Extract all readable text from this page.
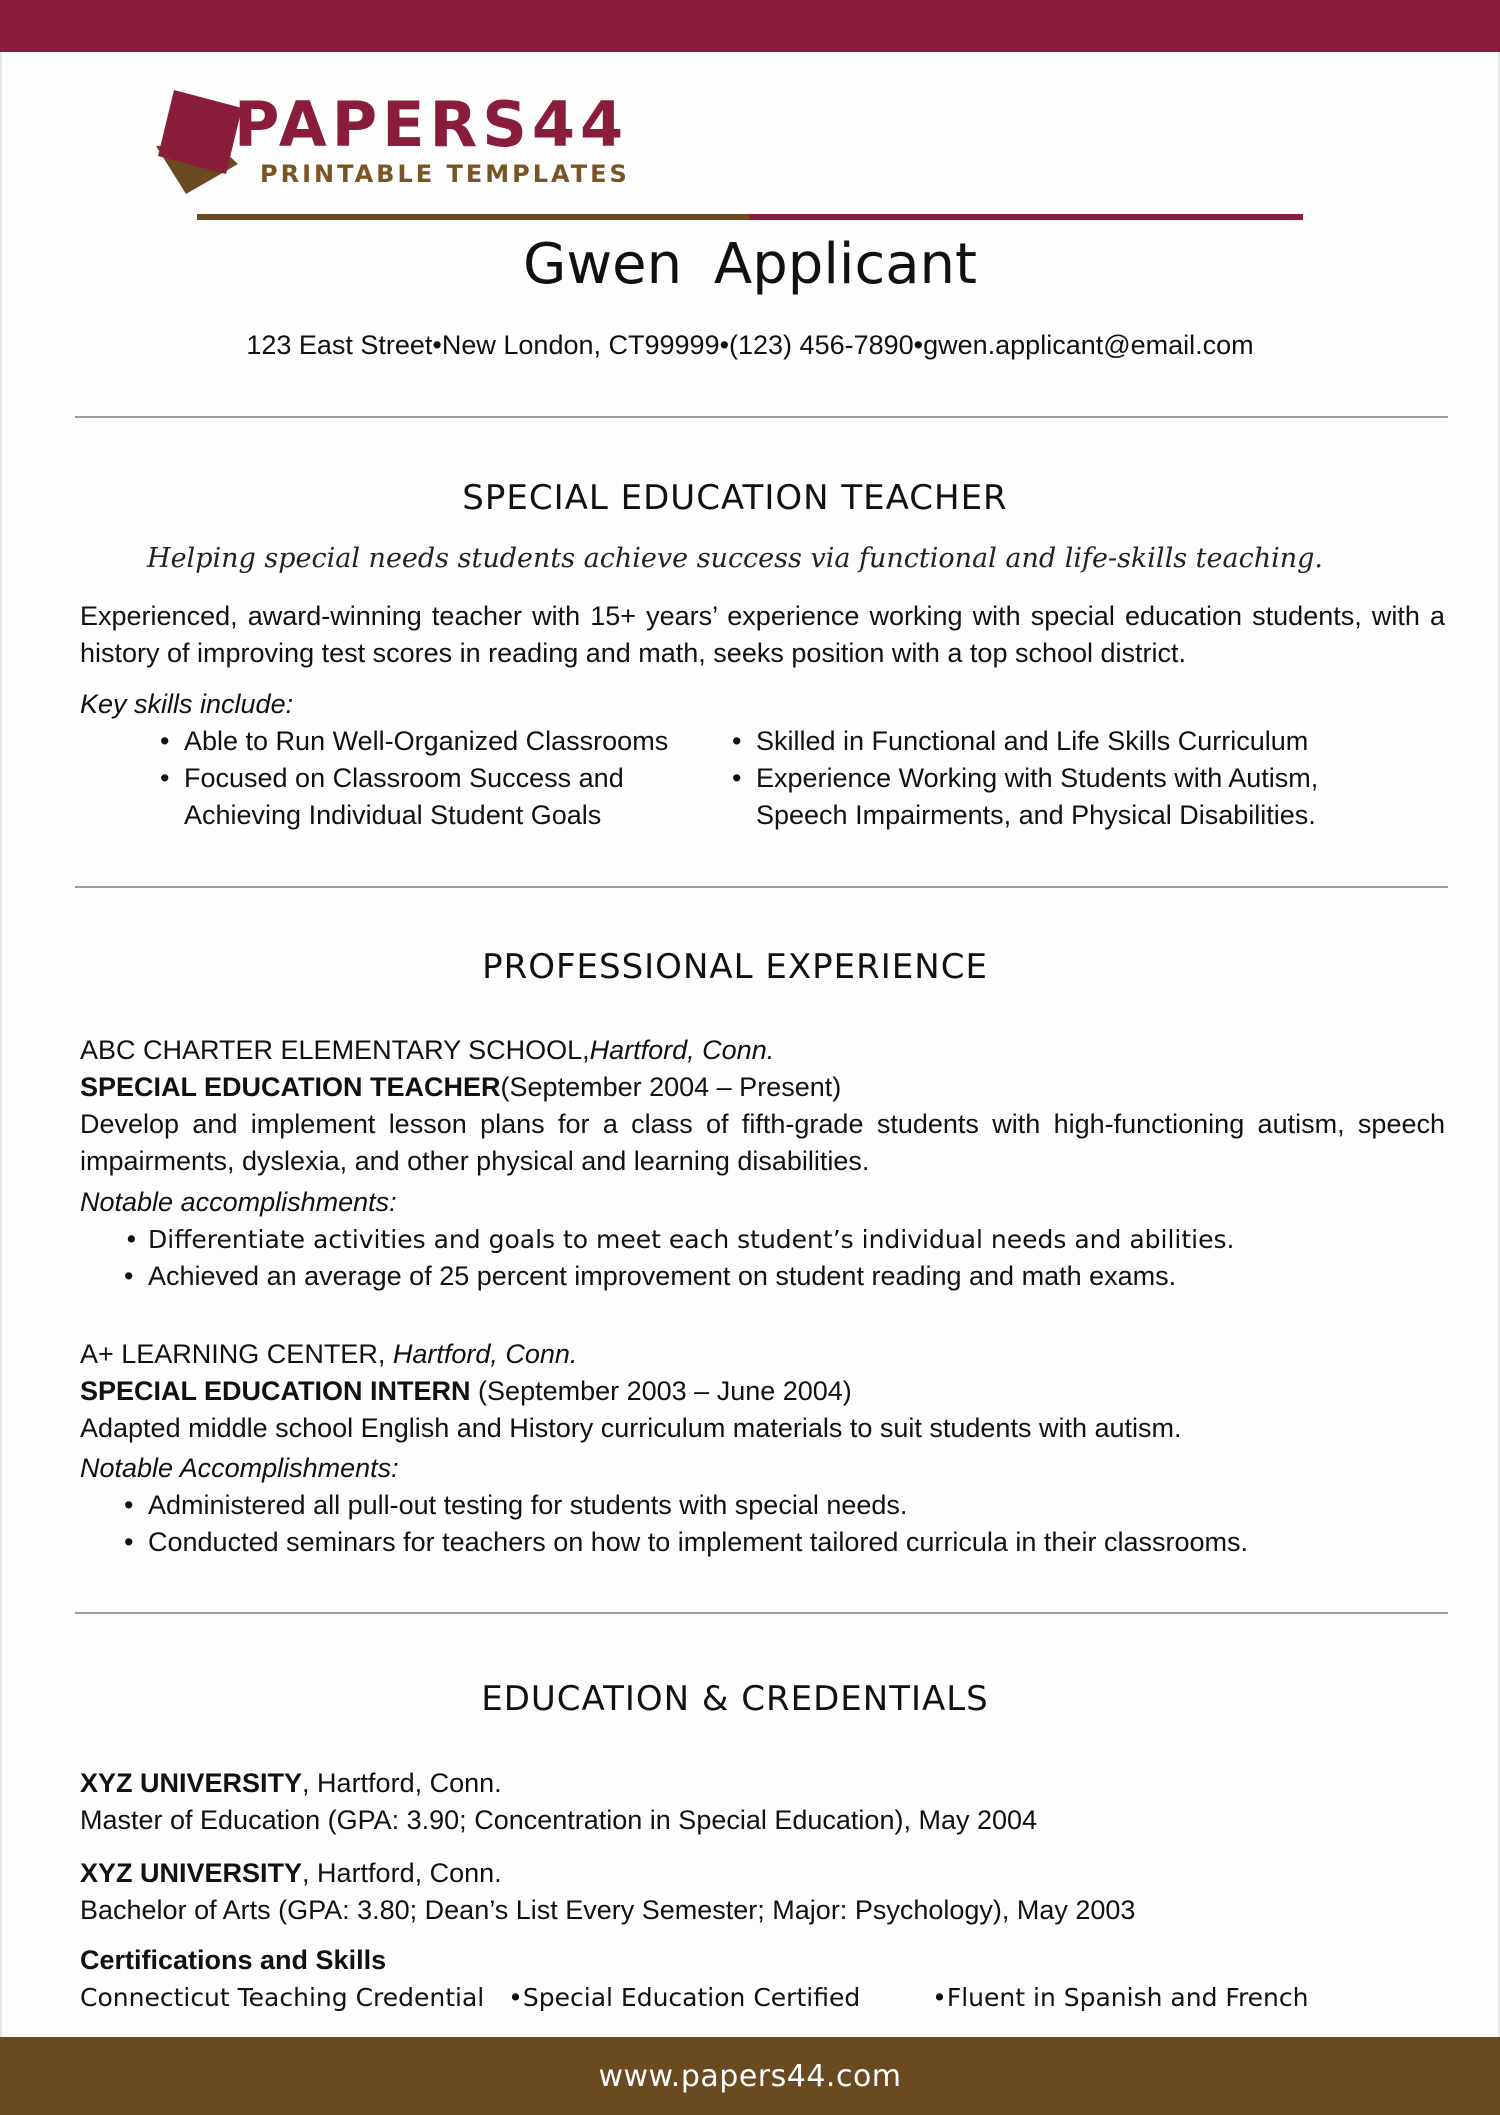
PAPERS44
PRINTABLE TEMPLATES
Gwen Applicant
123 East Street•New London, CT99999•(123) 456-7890•gwen.applicant@email.com
SPECIAL EDUCATION TEACHER
Helping special needs students achieve success via functional and life-skills teaching.
Experienced, award-winning teacher with 15+ years’ experience working with special education students, with a history of improving test scores in reading and math, seeks position with a top school district.
Key skills include:
• Able to Run Well-Organized Classrooms
• Focused on Classroom Success and Achieving Individual Student Goals
• Skilled in Functional and Life Skills Curriculum
• Experience Working with Students with Autism, Speech Impairments, and Physical Disabilities.
PROFESSIONAL EXPERIENCE
ABC CHARTER ELEMENTARY SCHOOL,Hartford, Conn.
SPECIAL EDUCATION TEACHER(September 2004 – Present)
Develop and implement lesson plans for a class of fifth-grade students with high-functioning autism, speech impairments, dyslexia, and other physical and learning disabilities.
Notable accomplishments:
• Differentiate activities and goals to meet each student’s individual needs and abilities.
• Achieved an average of 25 percent improvement on student reading and math exams.
A+ LEARNING CENTER, Hartford, Conn.
SPECIAL EDUCATION INTERN (September 2003 – June 2004)
Adapted middle school English and History curriculum materials to suit students with autism.
Notable Accomplishments:
• Administered all pull-out testing for students with special needs.
• Conducted seminars for teachers on how to implement tailored curricula in their classrooms.
EDUCATION & CREDENTIALS
XYZ UNIVERSITY, Hartford, Conn.
Master of Education (GPA: 3.90; Concentration in Special Education), May 2004
XYZ UNIVERSITY, Hartford, Conn.
Bachelor of Arts (GPA: 3.80; Dean’s List Every Semester; Major: Psychology), May 2003
Certifications and Skills
Connecticut Teaching Credential •Special Education Certified	•Fluent in Spanish and French
www.papers44.com
